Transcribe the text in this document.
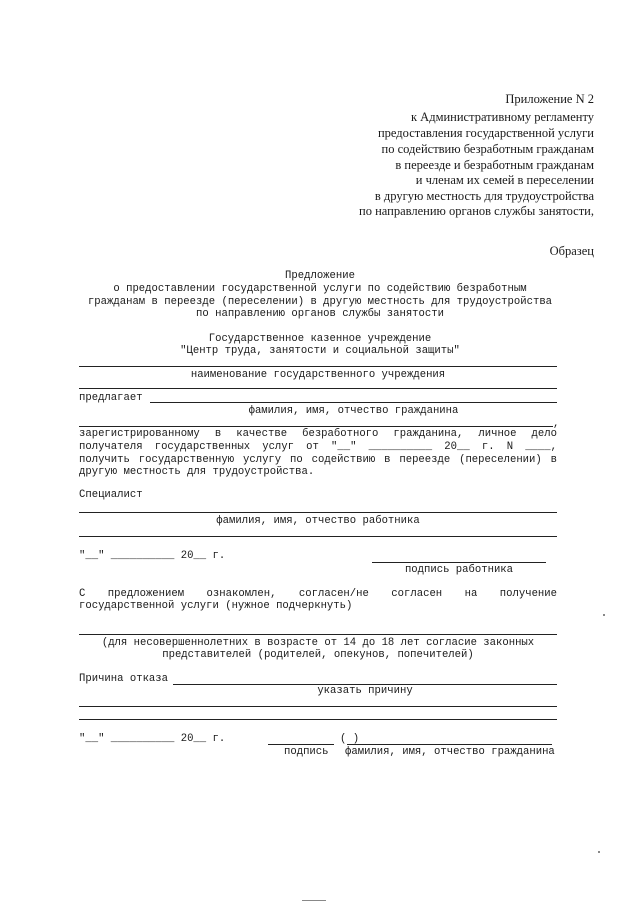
Приложение N 2
к Административному регламенту
предоставления государственной услуги
по содействию безработным гражданам
в переезде и безработным гражданам
и членам их семей в переселении
в другую местность для трудоустройства
по направлению органов службы занятости,
Образец
Предложение
о предоставлении государственной услуги по содействию безработным
гражданам в переезде (переселении) в другую местность для трудоустройства
по направлению органов службы занятости
Государственное казенное учреждение
"Центр труда, занятости и социальной защиты"
наименование государственного учреждения
предлагает
фамилия, имя, отчество гражданина
,
зарегистрированному в качестве безработного гражданина, личное дело
получателя государственных услуг от "__" __________ 20__ г. N ____,
получить государственную услугу по содействию в переезде (переселении) в
другую местность для трудоустройства.
Специалист
фамилия, имя, отчество работника
"__" __________ 20__ г.
подпись работника
С предложением ознакомлен, согласен/не согласен на получение
государственной услуги (нужное подчеркнуть)
(для несовершеннолетних в возрасте от 14 до 18 лет согласие законных
представителей (родителей, опекунов, попечителей)
Причина отказа
указать причину
"__" __________ 20__ г.	( )
подпись фамилия, имя, отчество гражданина
